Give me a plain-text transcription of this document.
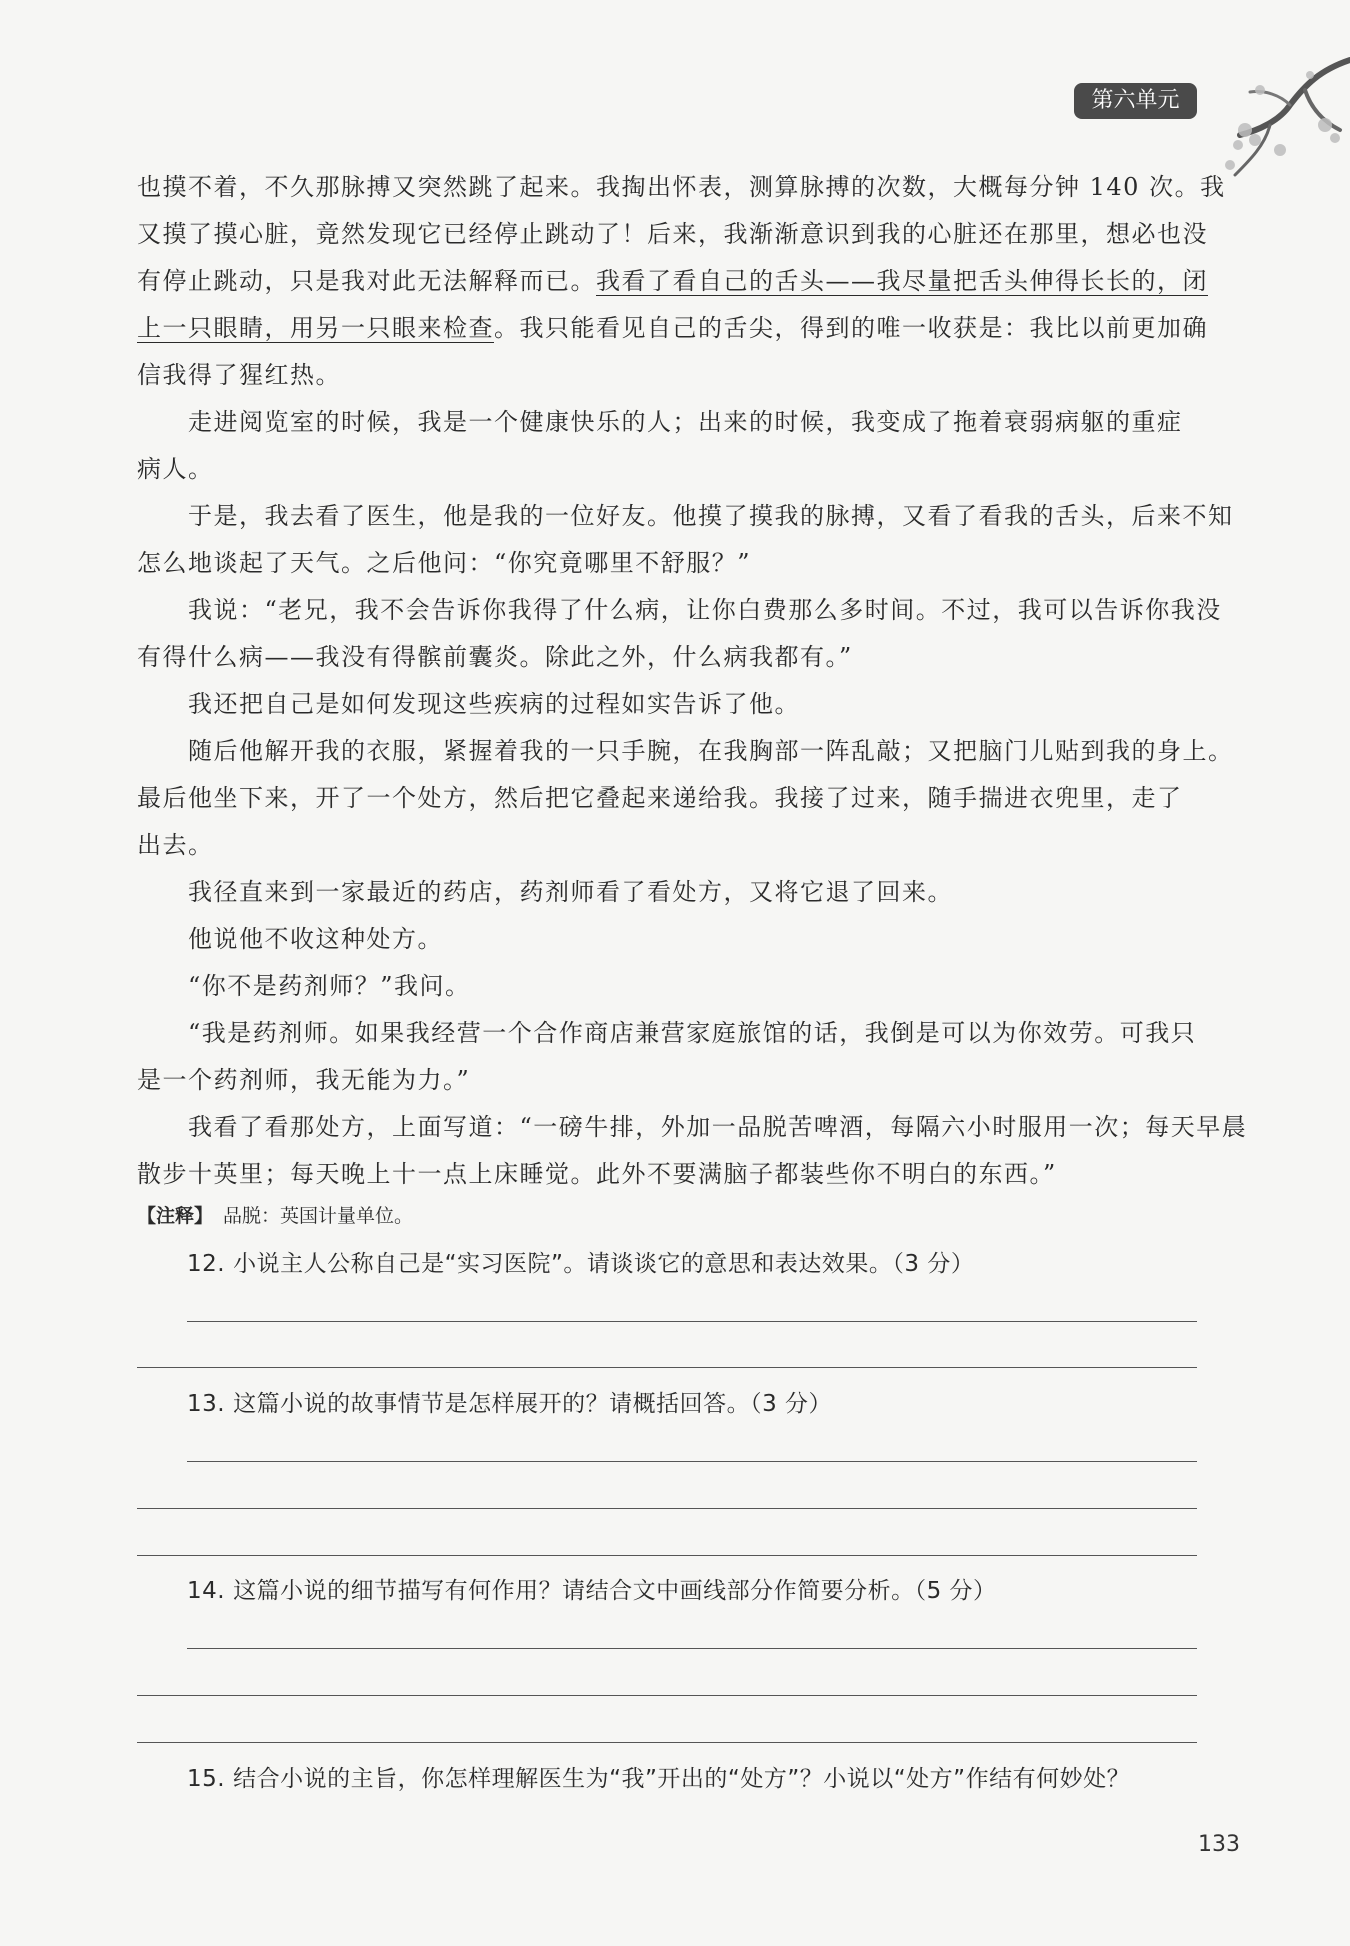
第六单元
也摸不着，不久那脉搏又突然跳了起来。我掏出怀表，测算脉搏的次数，大概每分钟 140 次。我
又摸了摸心脏，竟然发现它已经停止跳动了！后来，我渐渐意识到我的心脏还在那里，想必也没
有停止跳动，只是我对此无法解释而已。我看了看自己的舌头——我尽量把舌头伸得长长的，闭
上一只眼睛，用另一只眼来检查。我只能看见自己的舌尖，得到的唯一收获是：我比以前更加确
信我得了猩红热。
走进阅览室的时候，我是一个健康快乐的人；出来的时候，我变成了拖着衰弱病躯的重症
病人。
于是，我去看了医生，他是我的一位好友。他摸了摸我的脉搏，又看了看我的舌头，后来不知
怎么地谈起了天气。之后他问：“你究竟哪里不舒服？”
我说：“老兄，我不会告诉你我得了什么病，让你白费那么多时间。不过，我可以告诉你我没
有得什么病——我没有得髌前囊炎。除此之外，什么病我都有。”
我还把自己是如何发现这些疾病的过程如实告诉了他。
随后他解开我的衣服，紧握着我的一只手腕，在我胸部一阵乱敲；又把脑门儿贴到我的身上。
最后他坐下来，开了一个处方，然后把它叠起来递给我。我接了过来，随手揣进衣兜里，走了
出去。
我径直来到一家最近的药店，药剂师看了看处方，又将它退了回来。
他说他不收这种处方。
“你不是药剂师？”我问。
“我是药剂师。如果我经营一个合作商店兼营家庭旅馆的话，我倒是可以为你效劳。可我只
是一个药剂师，我无能为力。”
我看了看那处方，上面写道：“一磅牛排，外加一品脱苦啤酒，每隔六小时服用一次；每天早晨
散步十英里；每天晚上十一点上床睡觉。此外不要满脑子都装些你不明白的东西。”
【注释】 品脱：英国计量单位。
12. 小说主人公称自己是“实习医院”。请谈谈它的意思和表达效果。（3 分）
13. 这篇小说的故事情节是怎样展开的？请概括回答。（3 分）
14. 这篇小说的细节描写有何作用？请结合文中画线部分作简要分析。（5 分）
15. 结合小说的主旨，你怎样理解医生为“我”开出的“处方”？小说以“处方”作结有何妙处？
133
